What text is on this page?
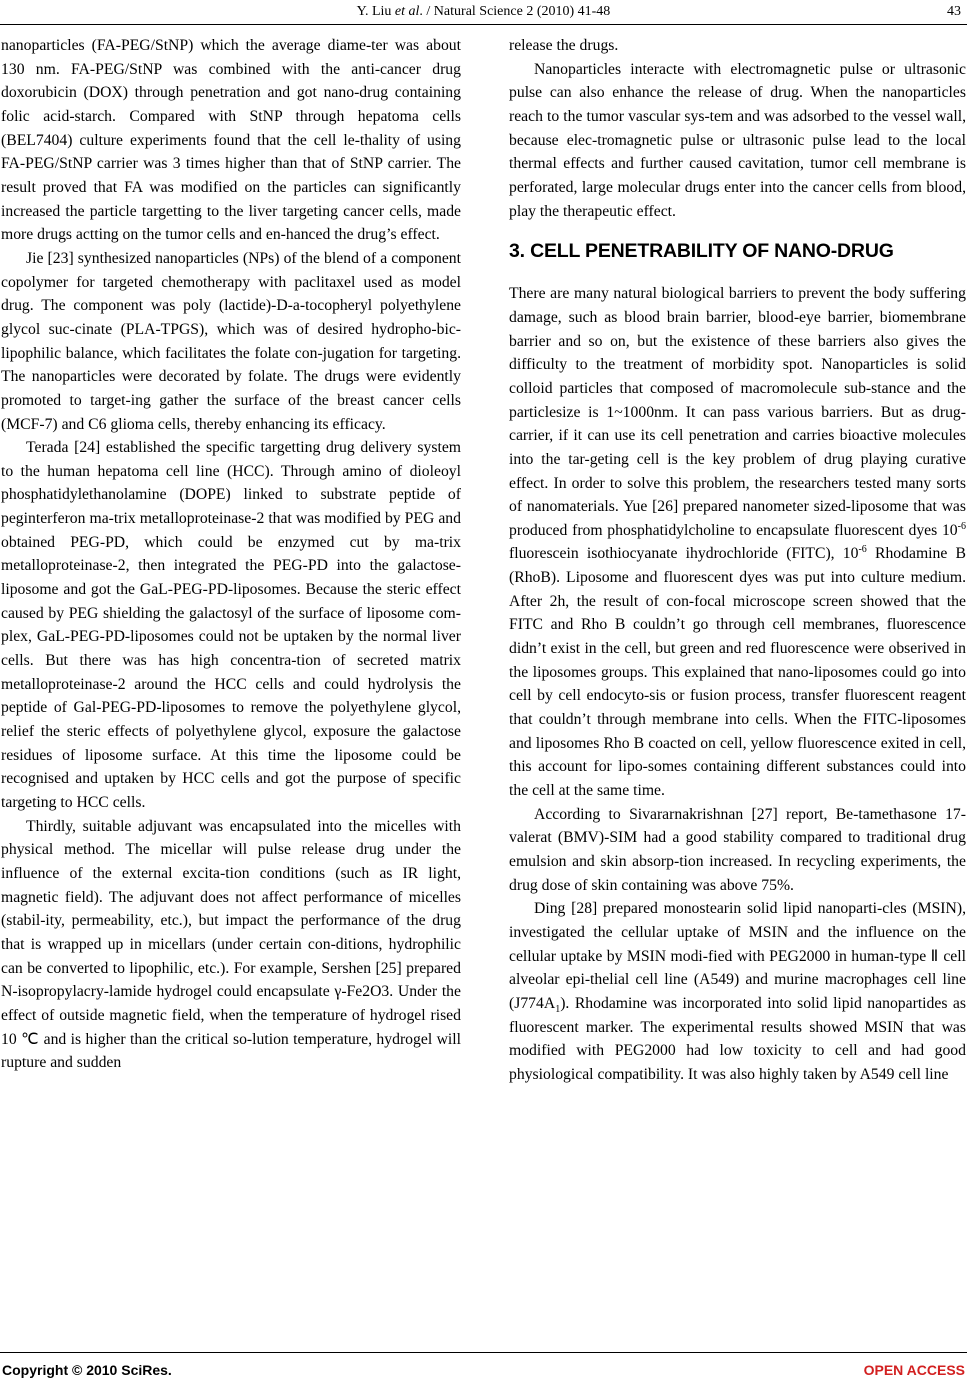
Y. Liu et al. / Natural Science 2 (2010) 41-48	43

nanoparticles (FA-PEG/StNP) which the average diame-ter was about 130 nm. FA-PEG/StNP was combined with the anti-cancer drug doxorubicin (DOX) through penetration and got nano-drug containing folic acid-starch. Compared with StNP through hepatoma cells (BEL7404) culture experiments found that the cell le-thality of using FA-PEG/StNP carrier was 3 times higher than that of StNP carrier. The result proved that FA was modified on the particles can significantly increased the particle targetting to the liver targeting cancer cells, made more drugs actting on the tumor cells and en-hanced the drug’s effect.

Jie [23] synthesized nanoparticles (NPs) of the blend of a component copolymer for targeted chemotherapy with paclitaxel used as model drug. The component was poly (lactide)-D-a-tocopheryl polyethylene glycol suc-cinate (PLA-TPGS), which was of desired hydropho-bic-lipophilic balance, which facilitates the folate con-jugation for targeting. The nanoparticles were decorated by folate. The drugs were evidently promoted to target-ing gather the surface of the breast cancer cells (MCF-7) and C6 glioma cells, thereby enhancing its efficacy.

Terada [24] established the specific targetting drug delivery system to the human hepatoma cell line (HCC). Through amino of dioleoyl phosphatidylethanolamine (DOPE) linked to substrate peptide of peginterferon ma-trix metalloproteinase-2 that was modified by PEG and obtained PEG-PD, which could be enzymed cut by ma-trix metalloproteinase-2, then integrated the PEG-PD into the galactose-liposome and got the GaL-PEG-PD-liposomes. Because the steric effect caused by PEG shielding the galactosyl of the surface of liposome com-plex, GaL-PEG-PD-liposomes could not be uptaken by the normal liver cells. But there was has high concentra-tion of secreted matrix metalloproteinase-2 around the HCC cells and could hydrolysis the peptide of Gal-PEG-PD-liposomes to remove the polyethylene glycol, relief the steric effects of polyethylene glycol, exposure the galactose residues of liposome surface. At this time the liposome could be recognised and uptaken by HCC cells and got the purpose of specific targeting to HCC cells.

Thirdly, suitable adjuvant was encapsulated into the micelles with physical method. The micellar will pulse release drug under the influence of the external excita-tion conditions (such as IR light, magnetic field). The adjuvant does not affect performance of micelles (stabil-ity, permeability, etc.), but impact the performance of the drug that is wrapped up in micellars (under certain con-ditions, hydrophilic can be converted to lipophilic, etc.). For example, Sershen [25] prepared N-isopropylacry-lamide hydrogel could encapsulate γ-Fe2O3. Under the effect of outside magnetic field, when the temperature of hydrogel rised 10 ℃ and is higher than the critical so-lution temperature, hydrogel will rupture and sudden

release the drugs.

Nanoparticles interacte with electromagnetic pulse or ultrasonic pulse can also enhance the release of drug. When the nanoparticles reach to the tumor vascular sys-tem and was adsorbed to the vessel wall, because elec-tromagnetic pulse or ultrasonic pulse lead to the local thermal effects and further caused cavitation, tumor cell membrane is perforated, large molecular drugs enter into the cancer cells from blood, play the therapeutic effect.

3. CELL PENETRABILITY OF NANO-DRUG

There are many natural biological barriers to prevent the body suffering damage, such as blood brain barrier, blood-eye barrier, biomembrane barrier and so on, but the existence of these barriers also gives the difficulty to the treatment of morbidity spot. Nanoparticles is solid colloid particles that composed of macromolecule sub-stance and the particlesize is 1~1000nm. It can pass various barriers. But as drug-carrier, if it can use its cell penetration and carries bioactive molecules into the tar-geting cell is the key problem of drug playing curative effect. In order to solve this problem, the researchers tested many sorts of nanomaterials. Yue [26] prepared nanometer sized-liposome that was produced from phosphatidylcholine to encapsulate fluorescent dyes $10^{-6}$ fluorescein isothiocyanate ihydrochloride (FITC), $10^{-6}$ Rhodamine B (RhoB). Liposome and fluorescent dyes was put into culture medium. After 2h, the result of con-focal microscope screen showed that the FITC and Rho B couldn’t go through cell membranes, fluorescence didn’t exist in the cell, but green and red fluorescence were obserived in the liposomes groups. This explained that nano-liposomes could go into cell by cell endocyto-sis or fusion process, transfer fluorescent reagent that couldn’t through membrane into cells. When the FITC-liposomes and liposomes Rho B coacted on cell, yellow fluorescence exited in cell, this account for lipo-somes containing different substances could into the cell at the same time.

According to Sivararnakrishnan [27] report, Be-tamethasone 17-valerat (BMV)-SIM had a good stability compared to traditional drug emulsion and skin absorp-tion increased. In recycling experiments, the drug dose of skin containing was above 75%.

Ding [28] prepared monostearin solid lipid nanoparti-cles (MSIN), investigated the cellular uptake of MSIN and the influence on the cellular uptake by MSIN modi-fied with PEG2000 in human-type Ⅱ cell alveolar epi-thelial cell line (A549) and murine macrophages cell line $(J774A_1)$. Rhodamine was incorporated into solid lipid nanopartides as fluorescent marker. The experimental results showed MSIN that was modified with PEG2000 had low toxicity to cell and had good physiological compatibility. It was also highly taken by A549 cell line

Copyright © 2010 SciRes.	OPEN ACCESS
